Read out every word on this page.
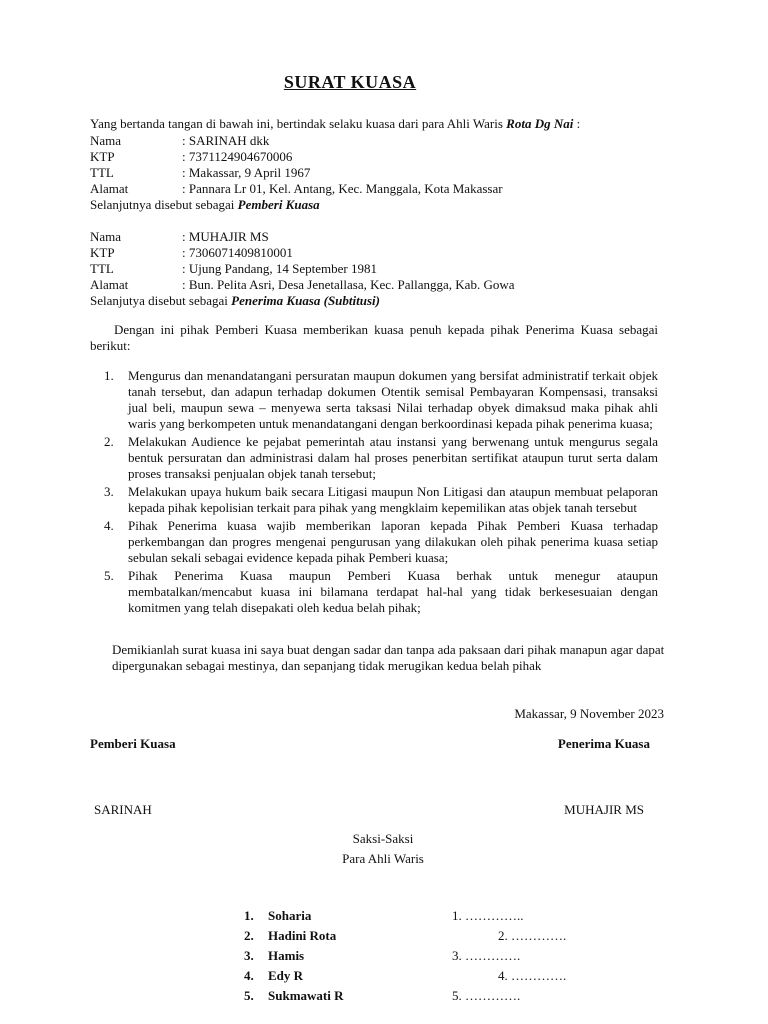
SURAT KUASA
Yang bertanda tangan di bawah ini, bertindak selaku kuasa dari para Ahli Waris Rota Dg Nai :
Nama	: SARINAH dkk
KTP	: 7371124904670006
TTL	: Makassar, 9 April 1967
Alamat	: Pannara Lr 01, Kel. Antang, Kec. Manggala, Kota Makassar
Selanjutnya disebut sebagai Pemberi Kuasa
Nama	: MUHAJIR MS
KTP	: 7306071409810001
TTL	: Ujung Pandang, 14 September 1981
Alamat	: Bun. Pelita Asri, Desa Jenetallasa, Kec. Pallangga, Kab. Gowa
Selanjutya disebut sebagai Penerima Kuasa (Subtitusi)
Dengan ini pihak Pemberi Kuasa memberikan kuasa penuh kepada pihak Penerima Kuasa sebagai berikut:
1. Mengurus dan menandatangani persuratan maupun dokumen yang bersifat administratif terkait objek tanah tersebut, dan adapun terhadap dokumen Otentik semisal Pembayaran Kompensasi, transaksi jual beli, maupun sewa – menyewa serta taksasi Nilai terhadap obyek dimaksud maka pihak ahli waris yang berkompeten untuk menandatangani dengan berkoordinasi kepada pihak penerima kuasa;
2. Melakukan Audience ke pejabat pemerintah atau instansi yang berwenang untuk mengurus segala bentuk persuratan dan administrasi dalam hal proses penerbitan sertifikat ataupun turut serta dalam proses transaksi penjualan objek tanah tersebut;
3. Melakukan upaya hukum baik secara Litigasi maupun Non Litigasi dan ataupun membuat pelaporan kepada pihak kepolisian terkait para pihak yang mengklaim kepemilikan atas objek tanah tersebut
4. Pihak Penerima kuasa wajib memberikan laporan kepada Pihak Pemberi Kuasa terhadap perkembangan dan progres mengenai pengurusan yang dilakukan oleh pihak penerima kuasa setiap sebulan sekali sebagai evidence kepada pihak Pemberi kuasa;
5. Pihak Penerima Kuasa maupun Pemberi Kuasa berhak untuk menegur ataupun membatalkan/mencabut kuasa ini bilamana terdapat hal-hal yang tidak berkesesuaian dengan komitmen yang telah disepakati oleh kedua belah pihak;
Demikianlah surat kuasa ini saya buat dengan sadar dan tanpa ada paksaan dari pihak manapun agar dapat dipergunakan sebagai mestinya, dan sepanjang tidak merugikan kedua belah pihak
Makassar, 9 November 2023
Pemberi Kuasa	Penerima Kuasa
SARINAH	MUHAJIR MS
Saksi-Saksi
Para Ahli Waris
1. Soharia	1. …………..
2. Hadini Rota	2. ………….
3. Hamis	3. ………….
4. Edy R	4. ………….
5. Sukmawati R	5. ………….
